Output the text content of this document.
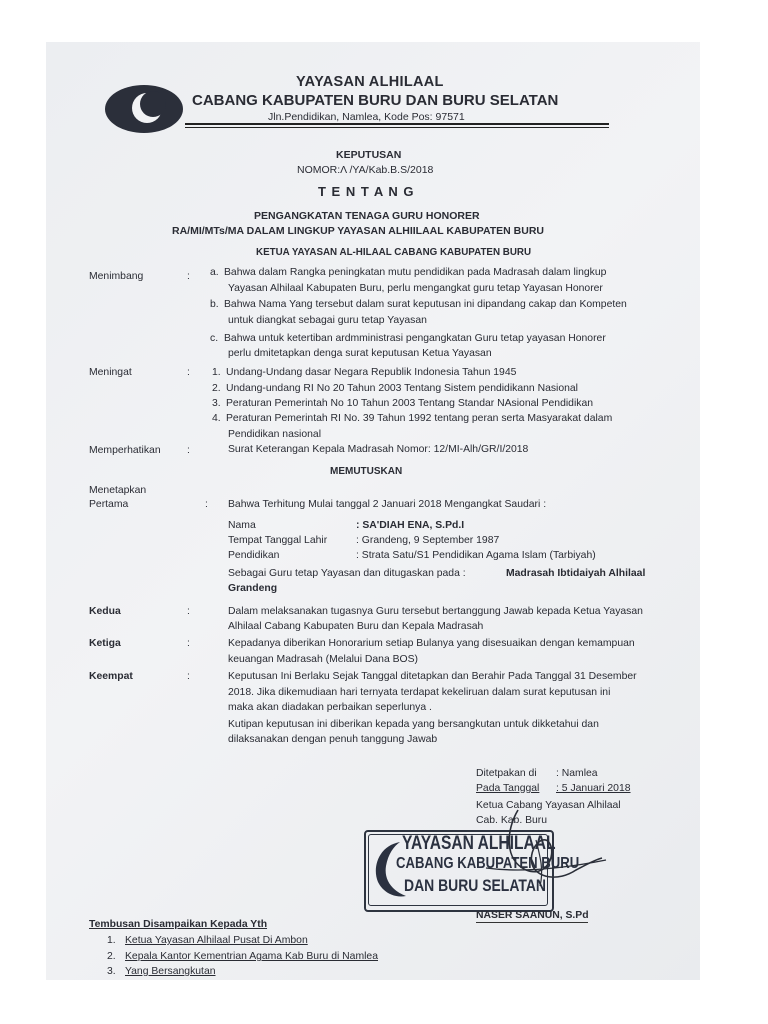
YAYASAN ALHILAAL
CABANG KABUPATEN BURU DAN BURU SELATAN
Jln.Pendidikan, Namlea, Kode Pos: 97571
KEPUTUSAN
NOMOR:Λ /YA/Kab.B.S/2018
T E N T A N G
PENGANGKATAN TENAGA GURU HONORER
RA/MI/MTs/MA DALAM LINGKUP YAYASAN ALHIILAAL KABUPATEN BURU
KETUA YAYASAN AL-HILAAL CABANG KABUPATEN BURU
Menimbang	: a. Bahwa dalam Rangka peningkatan mutu pendidikan pada Madrasah dalam lingkup
Yayasan Alhilaal Kabupaten Buru, perlu mengangkat guru tetap Yayasan Honorer
b. Bahwa Nama Yang tersebut dalam surat keputusan ini dipandang cakap dan Kompeten
untuk diangkat sebagai guru tetap Yayasan
c. Bahwa untuk ketertiban ardmministrasi pengangkatan Guru tetap yayasan Honorer
perlu dmitetapkan denga surat keputusan Ketua Yayasan
Meningat	: 1. Undang-Undang dasar Negara Republik Indonesia Tahun 1945
2. Undang-undang RI No 20 Tahun 2003 Tentang Sistem pendidikann Nasional
3. Peraturan Pemerintah No 10 Tahun 2003 Tentang Standar NAsional Pendidikan
4. Peraturan Pemerintah RI No. 39 Tahun 1992 tentang peran serta Masyarakat dalam
Pendidikan nasional
Memperhatikan	:	Surat Keterangan Kepala Madrasah Nomor: 12/MI-Alh/GR/I/2018
MEMUTUSKAN
Menetapkan
Pertama	: Bahwa Terhitung Mulai tanggal 2 Januari 2018 Mengangkat Saudari :
Nama	: SA'DIAH ENA, S.Pd.I
Tempat Tanggal Lahir	: Grandeng, 9 September 1987
Pendidikan	: Strata Satu/S1 Pendidikan Agama Islam (Tarbiyah)
Sebagai Guru tetap Yayasan dan ditugaskan pada :	Madrasah Ibtidaiyah Alhilaal
Grandeng
Kedua	:	Dalam melaksanakan tugasnya Guru tersebut bertanggung Jawab kepada Ketua Yayasan
Alhilaal Cabang Kabupaten Buru dan Kepala Madrasah
Ketiga	:	Kepadanya diberikan Honorarium setiap Bulanya yang disesuaikan dengan kemampuan
keuangan Madrasah (Melalui Dana BOS)
Keempat	:	Keputusan Ini Berlaku Sejak Tanggal ditetapkan dan Berahir Pada Tanggal 31 Desember
2018. Jika dikemudiaan hari ternyata terdapat kekeliruan dalam surat keputusan ini
maka akan diadakan perbaikan seperlunya .
Kutipan keputusan ini diberikan kepada yang bersangkutan untuk dikketahui dan
dilaksanakan dengan penuh tanggung Jawab
Ditetpakan di : Namlea
Pada Tanggal : 5 Januari 2018
Ketua Cabang Yayasan Alhilaal
Cab. Kab. Buru
YAYASAN ALHILAAL
CABANG KABUPATEN BURU
DAN BURU SELATAN
NASER SAANUN, S.Pd
Tembusan Disampaikan Kepada Yth
1. Ketua Yayasan Alhilaal Pusat Di Ambon
2. Kepala Kantor Kementrian Agama Kab Buru di Namlea
3. Yang Bersangkutan
